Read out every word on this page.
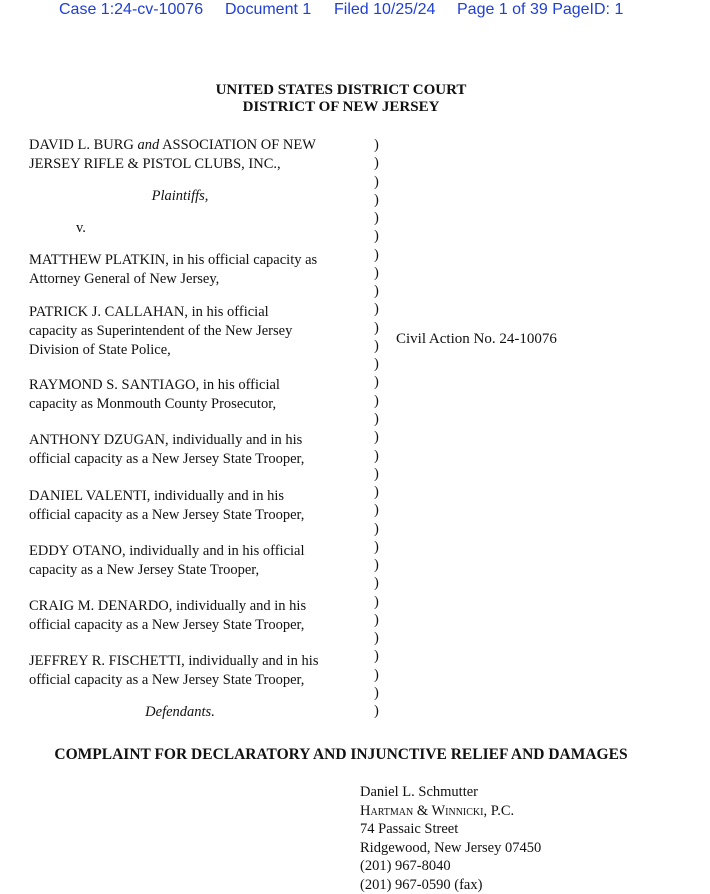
Case 1:24-cv-10076 Document 1 Filed 10/25/24 Page 1 of 39 PageID: 1
UNITED STATES DISTRICT COURT
DISTRICT OF NEW JERSEY
DAVID L. BURG and ASSOCIATION OF NEW
JERSEY RIFLE & PISTOL CLUBS, INC.,
Plaintiffs,
v.
MATTHEW PLATKIN, in his official capacity as
Attorney General of New Jersey,
PATRICK J. CALLAHAN, in his official
capacity as Superintendent of the New Jersey
Division of State Police,
RAYMOND S. SANTIAGO, in his official
capacity as Monmouth County Prosecutor,
ANTHONY DZUGAN, individually and in his
official capacity as a New Jersey State Trooper,
DANIEL VALENTI, individually and in his
official capacity as a New Jersey State Trooper,
EDDY OTANO, individually and in his official
capacity as a New Jersey State Trooper,
CRAIG M. DENARDO, individually and in his
official capacity as a New Jersey State Trooper,
JEFFREY R. FISCHETTI, individually and in his
official capacity as a New Jersey State Trooper,
Defendants.
)
)
)
)
)
)
)
)
)
)
)
)
)
)
)
)
)
)
)
)
)
)
)
)
)
)
)
)
)
)
)
)
Civil Action No. 24-10076
COMPLAINT FOR DECLARATORY AND INJUNCTIVE RELIEF AND DAMAGES
Daniel L. Schmutter
Hartman & Winnicki, P.C.
74 Passaic Street
Ridgewood, New Jersey 07450
(201) 967-8040
(201) 967-0590 (fax)
